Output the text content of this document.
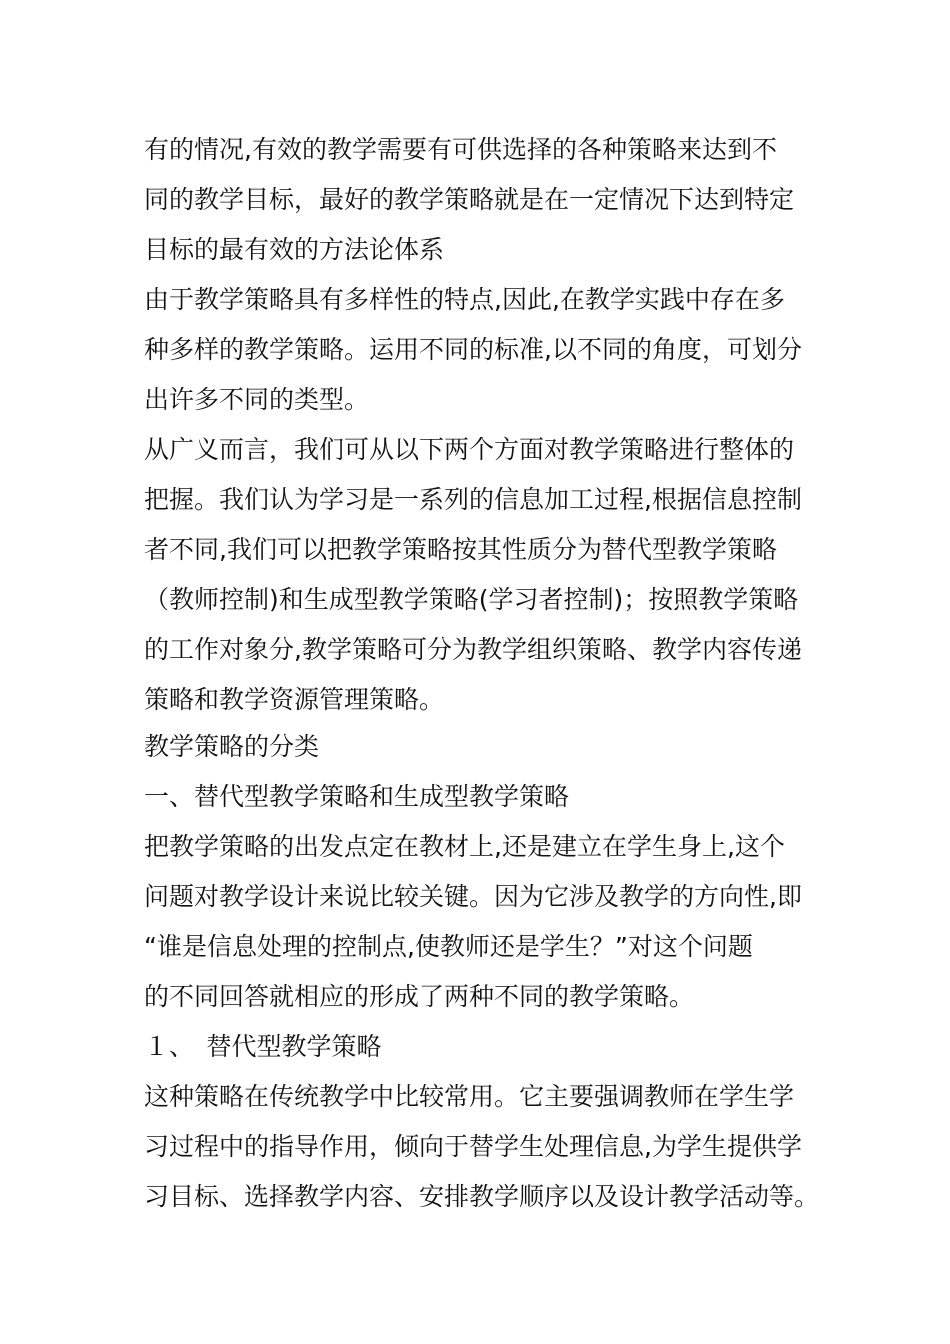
有的情况,有效的教学需要有可供选择的各种策略来达到不
同的教学目标，最好的教学策略就是在一定情况下达到特定
目标的最有效的方法论体系
由于教学策略具有多样性的特点,因此,在教学实践中存在多
种多样的教学策略。运用不同的标准,以不同的角度，可划分
出许多不同的类型。
从广义而言，我们可从以下两个方面对教学策略进行整体的
把握。我们认为学习是一系列的信息加工过程,根据信息控制
者不同,我们可以把教学策略按其性质分为替代型教学策略
（教师控制)和生成型教学策略(学习者控制)；按照教学策略
的工作对象分,教学策略可分为教学组织策略、教学内容传递
策略和教学资源管理策略。
教学策略的分类
一、替代型教学策略和生成型教学策略
把教学策略的出发点定在教材上,还是建立在学生身上,这个
问题对教学设计来说比较关键。因为它涉及教学的方向性,即
“谁是信息处理的控制点,使教师还是学生？”对这个问题
的不同回答就相应的形成了两种不同的教学策略。
１、　替代型教学策略
这种策略在传统教学中比较常用。它主要强调教师在学生学
习过程中的指导作用，倾向于替学生处理信息,为学生提供学
习目标、选择教学内容、安排教学顺序以及设计教学活动等。
